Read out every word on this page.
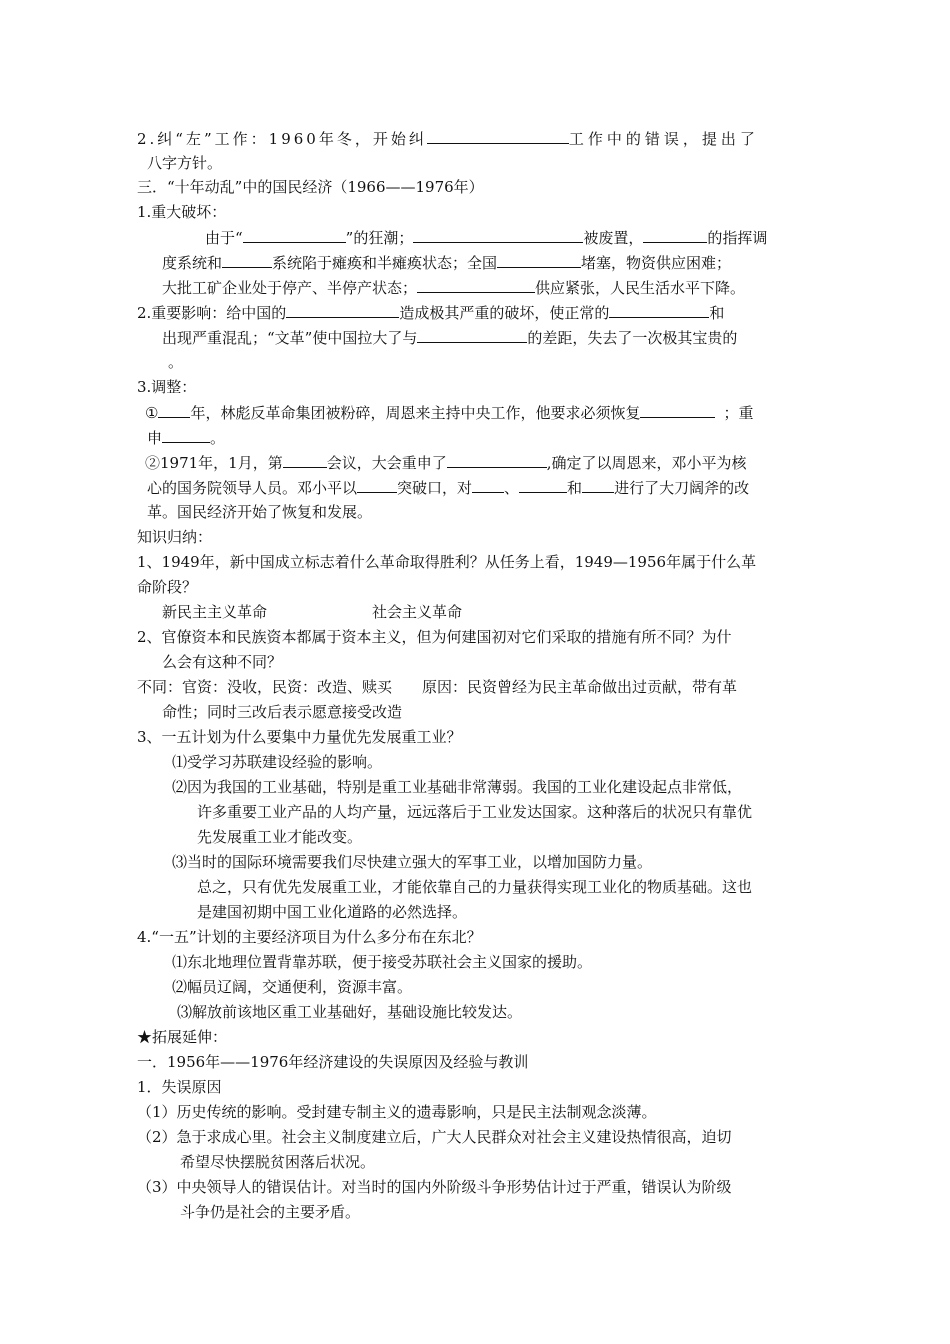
2.纠“左”工作：1960年冬，开始纠	工作中的错误，提出了
八字方针。
三．“十年动乱”中的国民经济（1966——1976年）
1.重大破坏：
由于“	”的狂潮；	被废置，	的指挥调
度系统和	系统陷于瘫痪和半瘫痪状态；全国	堵塞，物资供应困难；
大批工矿企业处于停产、半停产状态；	供应紧张，人民生活水平下降。
2.重要影响：给中国的	造成极其严重的破坏，使正常的	和
出现严重混乱；“文革”使中国拉大了与	的差距，失去了一次极其宝贵的
。
3.调整：
① 年，林彪反革命集团被粉碎，周恩来主持中央工作，他要求必须恢复	；重
申	。
②1971年，1月，第	会议，大会重申了	,确定了以周恩来，邓小平为核
心的国务院领导人员。邓小平以	突破口，对 、	和 进行了大刀阔斧的改
革。国民经济开始了恢复和发展。
知识归纳：
1、1949年，新中国成立标志着什么革命取得胜利？从任务上看，1949—1956年属于什么革
命阶段？
新民主主义革命	社会主义革命
2、官僚资本和民族资本都属于资本主义，但为何建国初对它们采取的措施有所不同？为什
么会有这种不同？
不同：官资：没收，民资：改造、赎买　　原因：民资曾经为民主革命做出过贡献，带有革
命性；同时三改后表示愿意接受改造
3、一五计划为什么要集中力量优先发展重工业？
⑴受学习苏联建设经验的影响。
⑵因为我国的工业基础，特别是重工业基础非常薄弱。我国的工业化建设起点非常低，
许多重要工业产品的人均产量，远远落后于工业发达国家。这种落后的状况只有靠优
先发展重工业才能改变。
⑶当时的国际环境需要我们尽快建立强大的军事工业，以增加国防力量。
总之，只有优先发展重工业，才能依靠自己的力量获得实现工业化的物质基础。这也
是建国初期中国工业化道路的必然选择。
4.“一五”计划的主要经济项目为什么多分布在东北？
⑴东北地理位置背靠苏联，便于接受苏联社会主义国家的援助。
⑵幅员辽阔，交通便利，资源丰富。
⑶解放前该地区重工业基础好，基础设施比较发达。
★拓展延伸：
一．1956年——1976年经济建设的失误原因及经验与教训
1．失误原因
（1）历史传统的影响。受封建专制主义的遗毒影响，只是民主法制观念淡薄。
（2）急于求成心里。社会主义制度建立后，广大人民群众对社会主义建设热情很高，迫切
希望尽快摆脱贫困落后状况。
（3）中央领导人的错误估计。对当时的国内外阶级斗争形势估计过于严重，错误认为阶级
斗争仍是社会的主要矛盾。
